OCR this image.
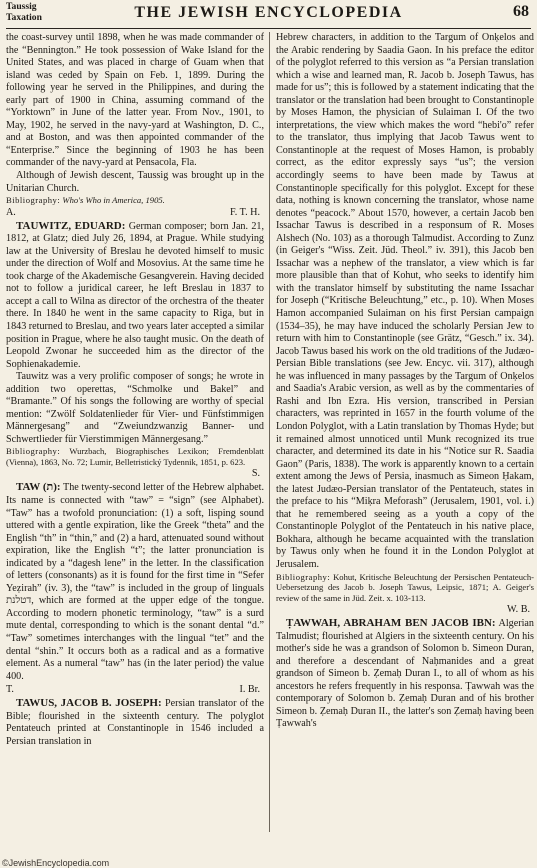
Taussig
Taxation	THE JEWISH ENCYCLOPEDIA	68

the coast-survey until 1898, when he was made commander of the “Bennington.” He took possession of Wake Island for the United States, and was placed in charge of Guam when that island was ceded by Spain on Feb. 1, 1899. During the following year he served in the Philippines, and during the early part of 1900 in China, assuming command of the “Yorktown” in June of the latter year. From Nov., 1901, to May, 1902, he served in the navy-yard at Washington, D. C., and at Boston, and was then appointed commander of the “Enterprise.” Since the beginning of 1903 he has been commander of the navy-yard at Pensacola, Fla.

Although of Jewish descent, Taussig was brought up in the Unitarian Church.

Bibliography: Who's Who in America, 1905.

A.	F. T. H.

TAUWITZ, EDUARD: German composer; born Jan. 21, 1812, at Glatz; died July 26, 1894, at Prague. While studying law at the University of Breslau he devoted himself to music under the direction of Wolf and Mosovius. At the same time he took charge of the Akademische Gesangverein. Having decided not to follow a juridical career, he left Breslau in 1837 to accept a call to Wilna as director of the orchestra of the theater there. In 1840 he went in the same capacity to Riga, but in 1843 returned to Breslau, and two years later accepted a similar position in Prague, where he also taught music. On the death of Leopold Zwonar he succeeded him as the director of the Sophienakademie.

Tauwitz was a very prolific composer of songs; he wrote in addition two operettas, “Schmolke und Bakel” and “Bramante.” Of his songs the following are worthy of special mention: “Zwölf Soldatenlieder für Vier- und Fünfstimmigen Männergesang” and “Zweiundzwanzig Banner- und Schwertlieder für Vierstimmigen Männergesang.”

Bibliography: Wurzbach, Biographisches Lexikon; Fremdenblatt (Vienna), 1863, No. 72; Lumir, Belletristický Tydennik, 1851, p. 623.

S.

TAW (ת): The twenty-second letter of the Hebrew alphabet. Its name is connected with “taw” = “sign” (see Alphabet). “Taw” has a twofold pronunciation: (1) a soft, lisping sound uttered with a gentle expiration, like the Greek “theta” and the English “th” in “thin,” and (2) a hard, attenuated sound without expiration, like the English “t”; the latter pronunciation is indicated by a “dagesh lene” in the letter. In the classification of letters (consonants) as it is found for the first time in “Sefer Yeẓirah” (iv. 3), the “taw” is included in the group of linguals דטלנת, which are formed at the upper edge of the tongue. According to modern phonetic terminology, “taw” is a surd mute dental, corresponding to which is the sonant dental “d.” “Taw” sometimes interchanges with the lingual “tet” and the dental “shin.” It occurs both as a radical and as a formative element. As a numeral “taw” has (in the later period) the value 400.

T.	I. Br.

TAWUS, JACOB B. JOSEPH: Persian translator of the Bible; flourished in the sixteenth century. The polyglot Pentateuch printed at Constantinople in 1546 included a Persian translation in

Hebrew characters, in addition to the Targum of Onḳelos and the Arabic rendering by Saadia Gaon. In his preface the editor of the polyglot referred to this version as “a Persian translation which a wise and learned man, R. Jacob b. Joseph Tawus, has made for us”; this is followed by a statement indicating that the translator or the translation had been brought to Constantinople by Moses Hamon, the physician of Sulaiman I. Of the two interpretations, the view which makes the word “hebi'o” refer to the translator, thus implying that Jacob Tawus went to Constantinople at the request of Moses Hamon, is probably correct, as the editor expressly says “us”; the version accordingly seems to have been made by Tawus at Constantinople specifically for this polyglot. Except for these data, nothing is known concerning the translator, whose name denotes “peacock.” About 1570, however, a certain Jacob ben Issachar Tawus is described in a responsum of R. Moses Alshech (No. 103) as a thorough Talmudist. According to Zunz (in Geiger's “Wiss. Zeit. Jüd. Theol.” iv. 391), this Jacob ben Issachar was a nephew of the translator, a view which is far more plausible than that of Kohut, who seeks to identify him with the translator himself by substituting the name Issachar for Joseph (“Kritische Beleuchtung,” etc., p. 10). When Moses Hamon accompanied Sulaiman on his first Persian campaign (1534–35), he may have induced the scholarly Persian Jew to return with him to Constantinople (see Grätz, “Gesch.” ix. 34). Jacob Tawus based his work on the old traditions of the Judæo-Persian Bible translations (see Jew. Encyc. vii. 317), although he was influenced in many passages by the Targum of Onḳelos and Saadia's Arabic version, as well as by the commentaries of Rashi and Ibn Ezra. His version, transcribed in Persian characters, was reprinted in 1657 in the fourth volume of the London Polyglot, with a Latin translation by Thomas Hyde; but it remained almost unnoticed until Munk recognized its true character, and determined its date in his “Notice sur R. Saadia Gaon” (Paris, 1838). The work is apparently known to a certain extent among the Jews of Persia, inasmuch as Simeon Ḥakam, the latest Judæo-Persian translator of the Pentateuch, states in the preface to his “Miḳra Meforash” (Jerusalem, 1901, vol. i.) that he remembered seeing as a youth a copy of the Constantinople Polyglot of the Pentateuch in his native place, Bokhara, although he became acquainted with the translation by Tawus only when he found it in the London Polyglot at Jerusalem.

Bibliography: Kohut, Kritische Beleuchtung der Persischen Pentateuch-Uebersetzung des Jacob b. Joseph Tawus, Leipsic, 1871; A. Geiger's review of the same in Jüd. Zeit. x. 103-113.

W. B.

ṬAWWAH, ABRAHAM BEN JACOB IBN: Algerian Talmudist; flourished at Algiers in the sixteenth century. On his mother's side he was a grandson of Solomon b. Simeon Duran, and therefore a descendant of Naḥmanides and a great grandson of Simeon b. Ẓemaḥ Duran I., to all of whom as his ancestors he refers frequently in his responsa. Ṭawwah was the contemporary of Solomon b. Ẓemaḥ Duran and of his brother Simeon b. Ẓemaḥ Duran II., the latter's son Ẓemaḥ having been Ṭawwah's

©JewishEncyclopedia.com
